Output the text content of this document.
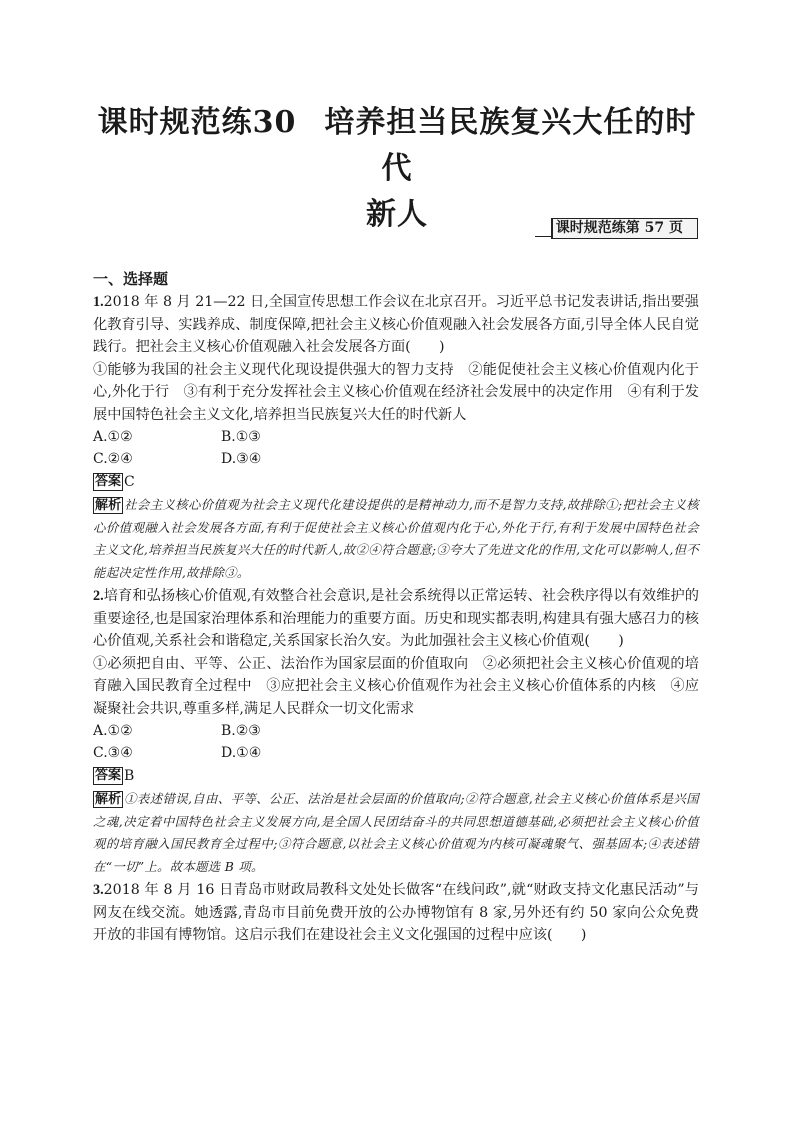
课时规范练30 培养担当民族复兴大任的时代
新人	课时规范练第 57 页
一、选择题
1.2018 年 8 月 21—22 日,全国宣传思想工作会议在北京召开。习近平总书记发表讲话,指出要强化教育引导、实践养成、制度保障,把社会主义核心价值观融入社会发展各方面,引导全体人民自觉践行。把社会主义核心价值观融入社会发展各方面(　　)
①能够为我国的社会主义现代化现设提供强大的智力支持　②能促使社会主义核心价值观内化于心,外化于行　③有利于充分发挥社会主义核心价值观在经济社会发展中的决定作用　④有利于发展中国特色社会主义文化,培养担当民族复兴大任的时代新人
A.①②	B.①③
C.②④	D.③④
答案 C
解析 社会主义核心价值观为社会主义现代化建设提供的是精神动力,而不是智力支持,故排除①;把社会主义核心价值观融入社会发展各方面,有利于促使社会主义核心价值观内化于心,外化于行,有利于发展中国特色社会主义文化,培养担当民族复兴大任的时代新人,故②④符合题意;③夸大了先进文化的作用,文化可以影响人,但不能起决定性作用,故排除③。
2.培育和弘扬核心价值观,有效整合社会意识,是社会系统得以正常运转、社会秩序得以有效维护的重要途径,也是国家治理体系和治理能力的重要方面。历史和现实都表明,构建具有强大感召力的核心价值观,关系社会和谐稳定,关系国家长治久安。为此加强社会主义核心价值观(　　)
①必须把自由、平等、公正、法治作为国家层面的价值取向　②必须把社会主义核心价值观的培育融入国民教育全过程中　③应把社会主义核心价值观作为社会主义核心价值体系的内核　④应凝聚社会共识,尊重多样,满足人民群众一切文化需求
A.①②	B.②③
C.③④	D.①④
答案 B
解析 ①表述错误,自由、平等、公正、法治是社会层面的价值取向;②符合题意,社会主义核心价值体系是兴国之魂,决定着中国特色社会主义发展方向,是全国人民团结奋斗的共同思想道德基础,必须把社会主义核心价值观的培育融入国民教育全过程中;③符合题意,以社会主义核心价值观为内核可凝魂聚气、强基固本;④表述错在“一切”上。故本题选 B 项。
3.2018 年 8 月 16 日青岛市财政局教科文处处长做客“在线问政”,就“财政支持文化惠民活动”与网友在线交流。她透露,青岛市目前免费开放的公办博物馆有 8 家,另外还有约 50 家向公众免费开放的非国有博物馆。这启示我们在建设社会主义文化强国的过程中应该(　　)
